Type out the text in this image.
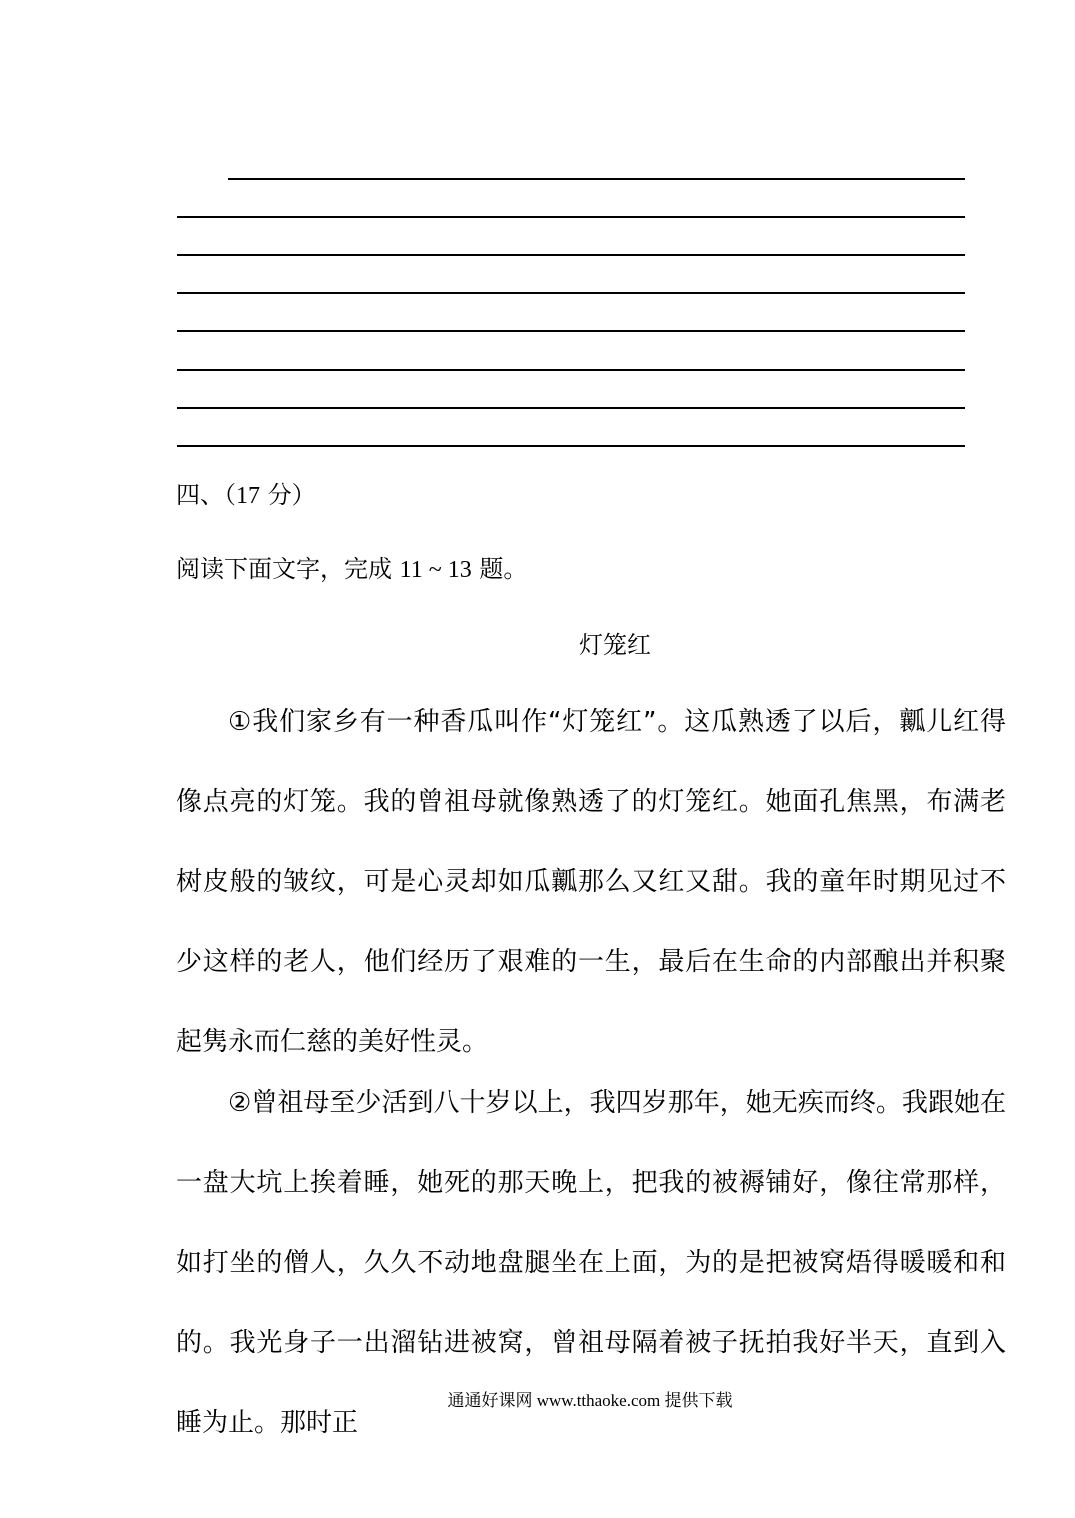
四、（17 分）
阅读下面文字，完成 11 ~ 13 题。
灯笼红
①我们家乡有一种香瓜叫作“灯笼红”。这瓜熟透了以后，瓤儿红得像点亮的灯笼。我的曾祖母就像熟透了的灯笼红。她面孔焦黑，布满老树皮般的皱纹，可是心灵却如瓜瓤那么又红又甜。我的童年时期见过不少这样的老人，他们经历了艰难的一生，最后在生命的内部酿出并积聚起隽永而仁慈的美好性灵。
②曾祖母至少活到八十岁以上，我四岁那年，她无疾而终。我跟她在一盘大坑上挨着睡，她死的那天晚上，把我的被褥铺好，像往常那样，如打坐的僧人，久久不动地盘腿坐在上面，为的是把被窝焐得暖暖和和的。我光身子一出溜钻进被窝，曾祖母隔着被子抚拍我好半天，直到入睡为止。那时正
通通好课网 www.tthaoke.com 提供下载
